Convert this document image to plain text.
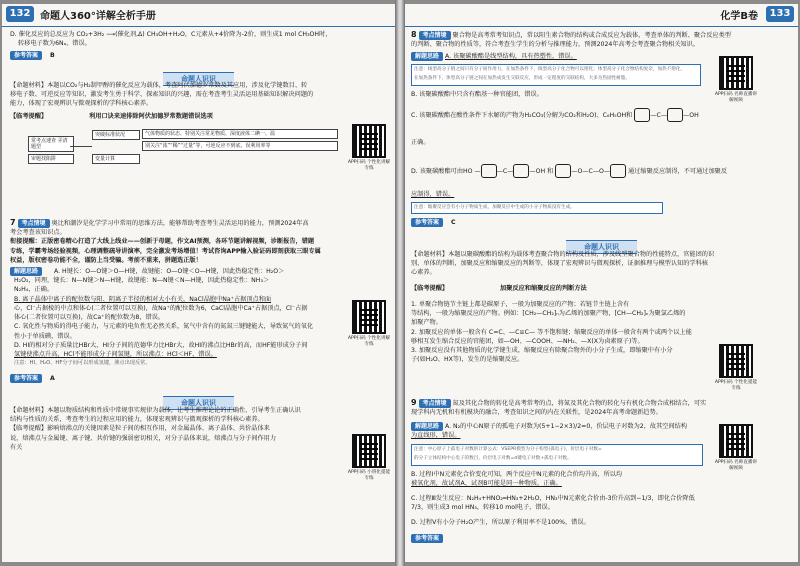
132 命题人360°详解全析手册
D. 催化反应的总反应为 CO₂+3H₂ ⟶(催化剂,Δ) CH₃OH+H₂O，C元素从+4价降为-2价，则生成1 mol CH₃OH时，
转移电子数为6Nₐ，错误。
参考答案 B
命题人识识
【命题材料】本题以CO₂与H₂制甲醇的催化反应为载体，考查阿伏加德罗常数及其应用，涉及化学键数目、转
移电子数、可逆反应等知识，激发考生勇于科学、探索知识的兴趣，需在考查考生灵活运用基础知识解决问题的
能力，体现了宏观辨识与微观探析的学科核心素养。
【临考提醒】	利用口诀来速排除阿伏加德罗常数题错误选项
常考点速查 弄清题型
审题找陷阱
突破标准状况
变量计算
气体物质的状态、特别关注常见物质、深度液体二碘一、温
别关注“浓”“稀”“过量”等，可逆反应不到底、误利用率等
APP扫码 个性化讲解专练
7 考点情境 奥比和潮汐是化学学习中常用的思维方法，能够帮助考查考生灵活运用的能力，预测2024年高
考会考查该知识点。
衔接提醒：正版密卷精心打造了大线上线业——创新于母题，作文AI预测，各环节题讲解视频，诊断报告，错题
专练，学霸考场经验视频，心理调整疏导讲演率，完全激发考场增值！考试咨询APP输入验证码即刻获取三眼专属
权益，版权密卷功能不全，谨防上当受骗。考前不重来，拼题选正版！
解题思路	A. H键长：O—O键＞O—H键，故键能：O—O键＜O—H键，因此热稳定性：H₂O＞
H₂O₂，同理，键长：N—N键＞N—H键，故键能：N—N键＜N—H键，因此热稳定性：NH₃＞
N₂H₄，正确。
B. 离子晶体中离子的配位数与阳、阴离子半径的相对大小有关，NaCl晶胞中Na⁺占据顶点和面
APP扫码 个性化讲解专练
心，Cl⁻占据棱的中点和体心(二者位置可以互换)，故Na⁺的配位数为6，CaCl晶胞中Ca⁺占据顶点，Cl⁻占据
体心(二者位置可以互换)，故Ca⁺的配位数为8，错误。
C. 氧化性与物质的得电子能力，与元素的电负性无必然关系，氮气中含有的氮氮三键键能大，导致氮气的氧化
性小于单质碘，错误。
D. HI的相对分子质量比HBr大，HI分子间的范德华力比HBr大，故HI的沸点比HBr的高，而HF能形成分子间
氢键使沸点升高，HCl不能形成分子间氢键，所以沸点：HCl＜HF，错误。
注意：HI、H₂O、HF分子间可以形成氢键，沸点出现反常。
参考答案 A
命题人识识
【命题材料】本题以物质结构和性质中常规事实规律为载体，让考生推理论论的正确性，引导考生正确认识
结构与性质的关系，考查考生的过程应用的能力，体现宏观辨识与微观探析的学科核心素养。
【临考提醒】影响熔沸点的关键因素是粒子间的相互作用，对金属晶体、离子晶体、共价晶体来
说，熔沸点与金属键、离子键、共价键的强弱密切相关，对分子晶体来说，熔沸点与分子间作用力
有关
APP扫码 小班化提能专练
化学B卷	133
8 考点情境 聚合物是高考常考知识点，常以阳生素合物的结构或合成反应为载体，考查单体的判断、聚合反应类型
的判断、聚合物的性质等，符合考查生学生的分析与推理能力，预测2024年高考会考查聚合物相关知识。
解题思路 A. 该聚碳酸酯是线型结构，具有热塑性，错误。
注意：线型高分子链之间只有分子间作用力，在加热条件下，线型高分子化合物可以熔化；体型高分子化合物结构复杂，加热不熔化，
在加热条件下，体型高分子链之间在加热成发生交联反应，形成一定程度的交联结构，大多为热固性树脂。
APP扫码 名师直播讲解视频
B. 该聚碳酸酯中只含有酯基一种官能团，错误。
C. 该聚碳酸酯在酸性条件下水解的产物为H₂CO₃(分解为CO₂和H₂O)、C₆H₅OH和	—C—	—OH
正确。
D. 该聚碳酸酯可由HO —	—C—	—OH 和	—O—C—O—	通过缩聚反应制得，不可通过加聚反
应制得，错误。
注意：缩聚反应会有小分子物质生成，加聚反应中生成的小分子物质没有生成。
参考答案 C
命题人识识
【命题材料】本题以聚碳酸酯的结构为载体考查聚合物的结构及性质，涉及线型聚合物的性能特点，官能团的识
别，单体的判断，加聚反应和缩聚反应的判断等，体现了宏观辨识与微观探析，证据推理与模型认知的学科核
心素养。
【临考提醒】	加聚反应和缩聚反应的判断方法
1. 单聚合物链节主链上都是碳原子，一般为加聚反应的产物；若链节主链上含有
等结构，一般为缩聚反应的产物。例如：[CH₂—CH₂]ₙ为乙烯的加聚产物，[CH—CH₂]ₙ为聚氯乙烯的
加聚产物。
2. 加聚反应的单体一般含有 C=C、—C≡C— 等不饱和键；缩聚反应的单体一般含有两个或两个以上能
够相互发生缩合反应的官能团，如—OH、—COOH、—NH₂、—X(X为卤素原子)等。
3. 加聚反应没有其他物质的化学键生成，缩聚反应有除聚合物外的小分子生成，即缩聚中有小分
子(如H₂O、HX等)，发生的是缩聚反应。
APP扫码 个性化提能专练
9 考点情境 氮及其化合物的转化是高考常考的点，将氮及其化合物的转化与有机化合物合成相结合，可实
现学科内无机和有机模块的融合，考查知识之间的内在关联性，是2024年高考命题新趋势。
解题思路 A. N₂的中心N原子的孤电子对数为(5+1−2×3)/2=0，价层电子对数为2，故其空间结构
为直线形，错误。
APP扫码 名师直播讲解视频
注意：中心原子上孤电子对数的计算公式：VSEPR模型为分子构型(孤电子)，价层电子对数=
的分子立体结构中心电子的数目，价层电子对数=σ键电子对数+孤电子对数。
B. 过程Ⅰ中N元素化合价变化可知，两个反应中N元素的化合价均升高，所以均
被氧化剂，故试剂A、试剂B可能是同一种物质，正确。
C. 过程Ⅲ发生反应：N₂H₄+HNO₂═HN₃+2H₂O，HN₃中N元素化合价由-3价升高到−1/3，即化合价降低
7/3，则生成3 mol HN₃，转移10 mol电子，错误。
D. 过程Ⅴ有小分子H₂O产生，所以原子利用率不是100%，错误。
参考答案
